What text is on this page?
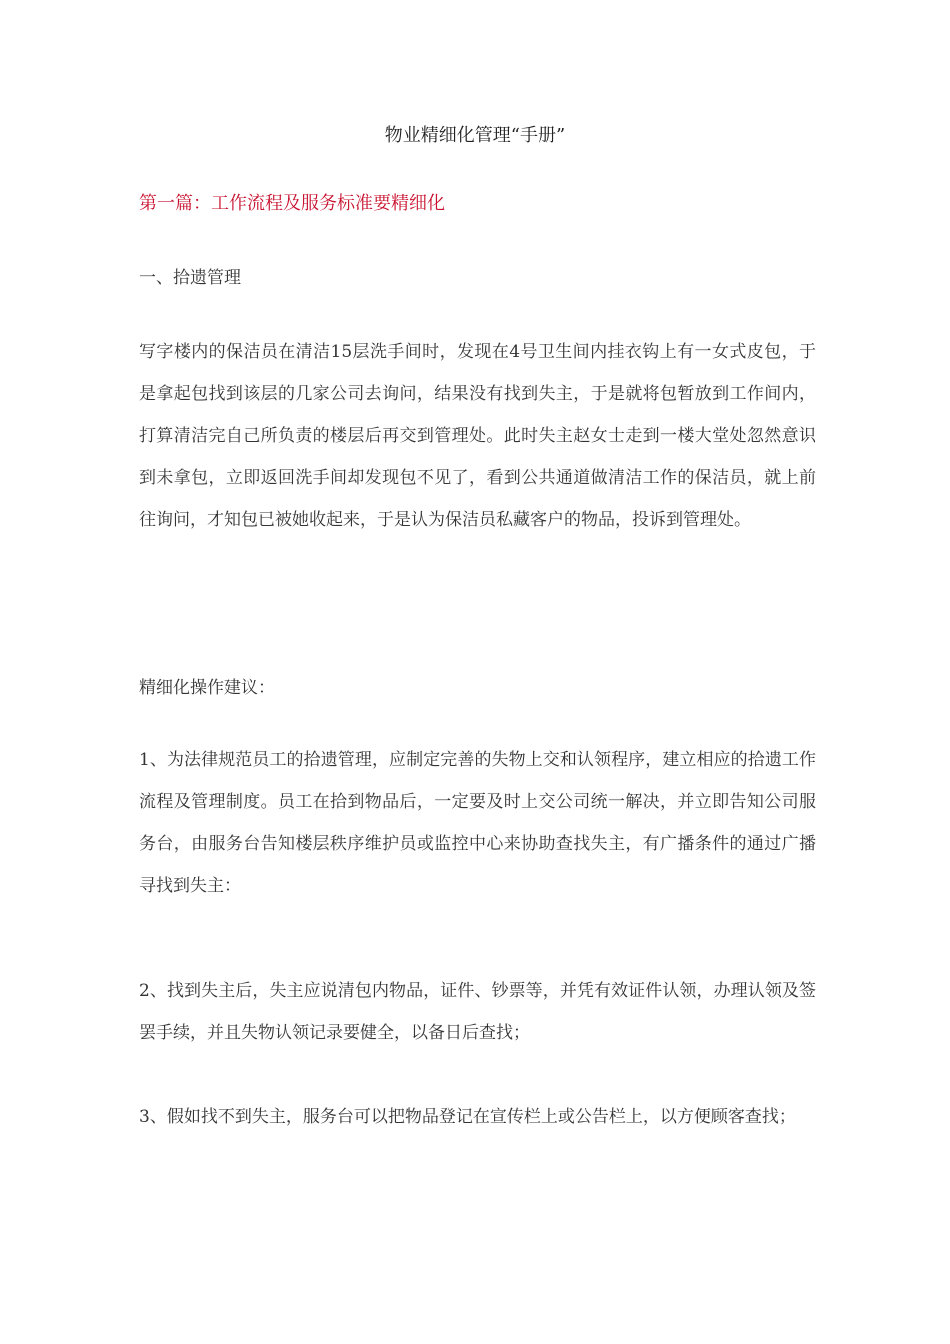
物业精细化管理“手册”
第一篇：工作流程及服务标准要精细化
一、拾遗管理

写字楼内的保洁员在清洁15层洗手间时，发现在4号卫生间内挂衣钩上有一女式皮包，于是拿起包找到该层的几家公司去询问，结果没有找到失主，于是就将包暂放到工作间内，打算清洁完自己所负责的楼层后再交到管理处。此时失主赵女士走到一楼大堂处忽然意识到未拿包，立即返回洗手间却发现包不见了，看到公共通道做清洁工作的保洁员，就上前往询问，才知包已被她收起来，于是认为保洁员私藏客户的物品，投诉到管理处。

精细化操作建议：

1、为法律规范员工的拾遗管理，应制定完善的失物上交和认领程序，建立相应的拾遗工作流程及管理制度。员工在拾到物品后，一定要及时上交公司统一解决，并立即告知公司服务台，由服务台告知楼层秩序维护员或监控中心来协助查找失主，有广播条件的通过广播寻找到失主：

2、找到失主后，失主应说清包内物品，证件、钞票等，并凭有效证件认领，办理认领及签罢手续，并且失物认领记录要健全，以备日后查找；

3、假如找不到失主，服务台可以把物品登记在宣传栏上或公告栏上，以方便顾客查找；
